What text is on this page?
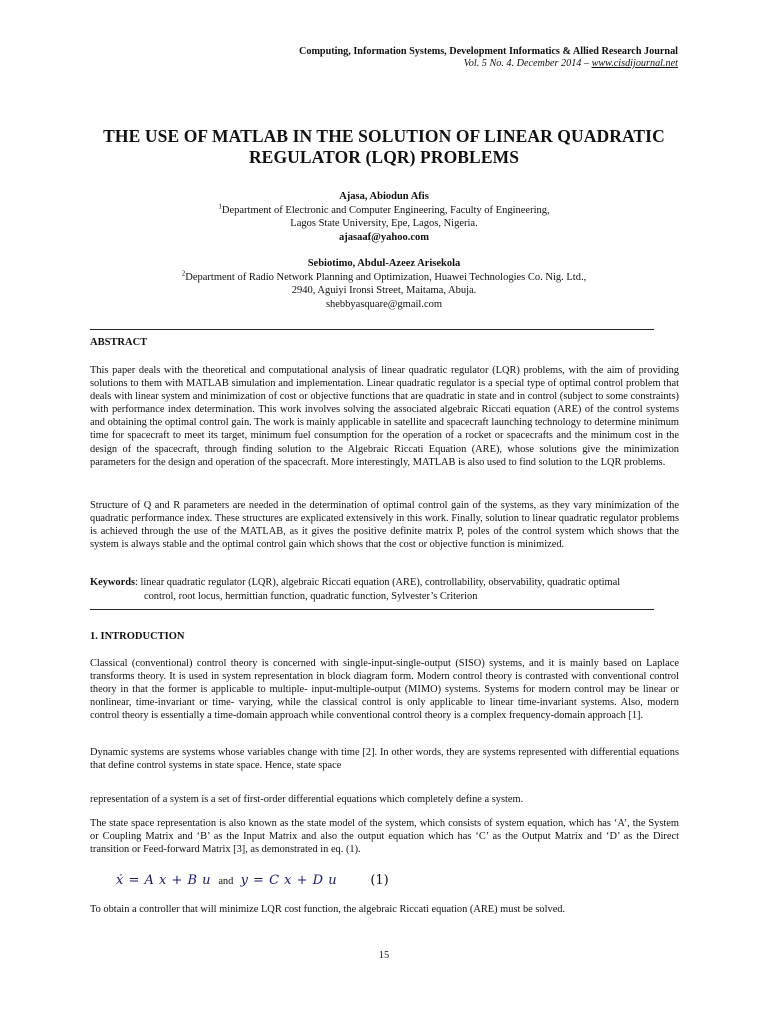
Computing, Information Systems, Development Informatics & Allied Research Journal
Vol. 5 No. 4. December 2014 – www.cisdijournal.net
THE USE OF MATLAB IN THE SOLUTION OF LINEAR QUADRATIC REGULATOR (LQR) PROBLEMS
Ajasa, Abiodun Afis
$^1$Department of Electronic and Computer Engineering, Faculty of Engineering,
Lagos State University, Epe, Lagos, Nigeria.
ajasaaf@yahoo.com
Sebiotimo, Abdul-Azeez Arisekola
$^2$Department of Radio Network Planning and Optimization, Huawei Technologies Co. Nig. Ltd.,
2940, Aguiyi Ironsi Street, Maitama, Abuja.
shebbyasquare@gmail.com
ABSTRACT
This paper deals with the theoretical and computational analysis of linear quadratic regulator (LQR) problems, with the aim of providing solutions to them with MATLAB simulation and implementation. Linear quadratic regulator is a special type of optimal control problem that deals with linear system and minimization of cost or objective functions that are quadratic in state and in control (subject to some constraints) with performance index determination. This work involves solving the associated algebraic Riccati equation (ARE) of the control systems and obtaining the optimal control gain. The work is mainly applicable in satellite and spacecraft launching technology to determine minimum time for spacecraft to meet its target, minimum fuel consumption for the operation of a rocket or spacecrafts and the minimum cost in the design of the spacecraft, through finding solution to the Algebraic Riccati Equation (ARE), whose solutions give the minimization parameters for the design and operation of the spacecraft. More interestingly, MATLAB is also used to find solution to the LQR problems.
Structure of Q and R parameters are needed in the determination of optimal control gain of the systems, as they vary minimization of the quadratic performance index. These structures are explicated extensively in this work. Finally, solution to linear quadratic regulator problems is achieved through the use of the MATLAB, as it gives the positive definite matrix P, poles of the control system which shows that the system is always stable and the optimal control gain which shows that the cost or objective function is minimized.
Keywords: linear quadratic regulator (LQR), algebraic Riccati equation (ARE), controllability, observability, quadratic optimal
control, root locus, hermittian function, quadratic function, Sylvester’s Criterion
1. INTRODUCTION
Classical (conventional) control theory is concerned with single-input-single-output (SISO) systems, and it is mainly based on Laplace transforms theory. It is used in system representation in block diagram form. Modern control theory is contrasted with conventional control theory in that the former is applicable to multiple- input-multiple-output (MIMO) systems. Systems for modern control may be linear or nonlinear, time-invariant or time- varying, while the classical control is only applicable to linear time-invariant systems. Also, modern control theory is essentially a time-domain approach while conventional control theory is a complex frequency-domain approach [1].
Dynamic systems are systems whose variables change with time [2]. In other words, they are systems represented with differential equations that define control systems in state space. Hence, state space
representation of a system is a set of first-order differential equations which completely define a system.
The state space representation is also known as the state model of the system, which consists of system equation, which has ‘A’, the System or Coupling Matrix and ‘B’ as the Input Matrix and also the output equation which has ‘C’ as the Output Matrix and ‘D’ as the Direct transition or Feed-forward Matrix [3], as demonstrated in eq. (1).
ẋ = A x + B u and y = C x + D u	(1)
To obtain a controller that will minimize LQR cost function, the algebraic Riccati equation (ARE) must be solved.
15
